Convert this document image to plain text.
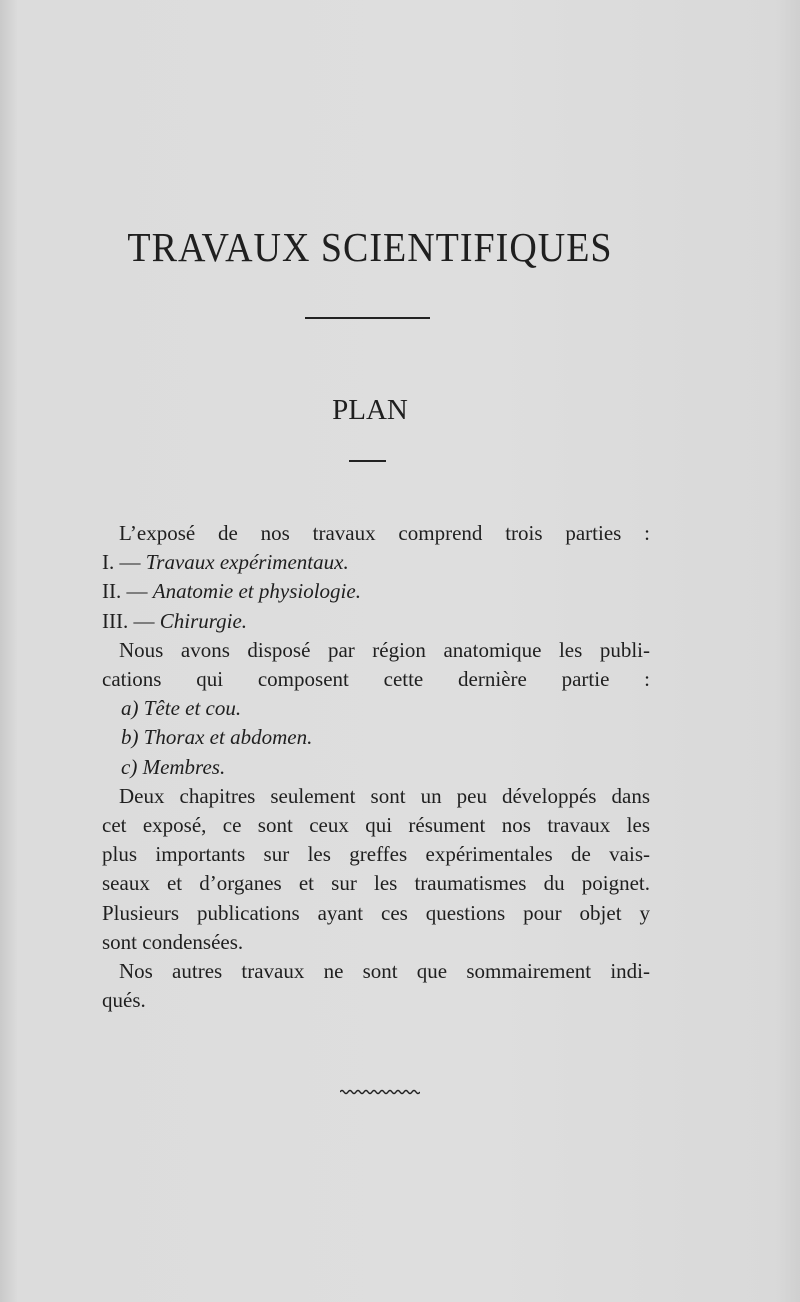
TRAVAUX SCIENTIFIQUES
PLAN
L’exposé de nos travaux comprend trois parties :
I. — Travaux expérimentaux.
II. — Anatomie et physiologie.
III. — Chirurgie.
Nous avons disposé par région anatomique les publi-
cations qui composent cette dernière partie :
a) Tête et cou.
b) Thorax et abdomen.
c) Membres.
Deux chapitres seulement sont un peu développés dans
cet exposé, ce sont ceux qui résument nos travaux les
plus importants sur les greffes expérimentales de vais-
seaux et d’organes et sur les traumatismes du poignet.
Plusieurs publications ayant ces questions pour objet y
sont condensées.
Nos autres travaux ne sont que sommairement indi-
qués.
